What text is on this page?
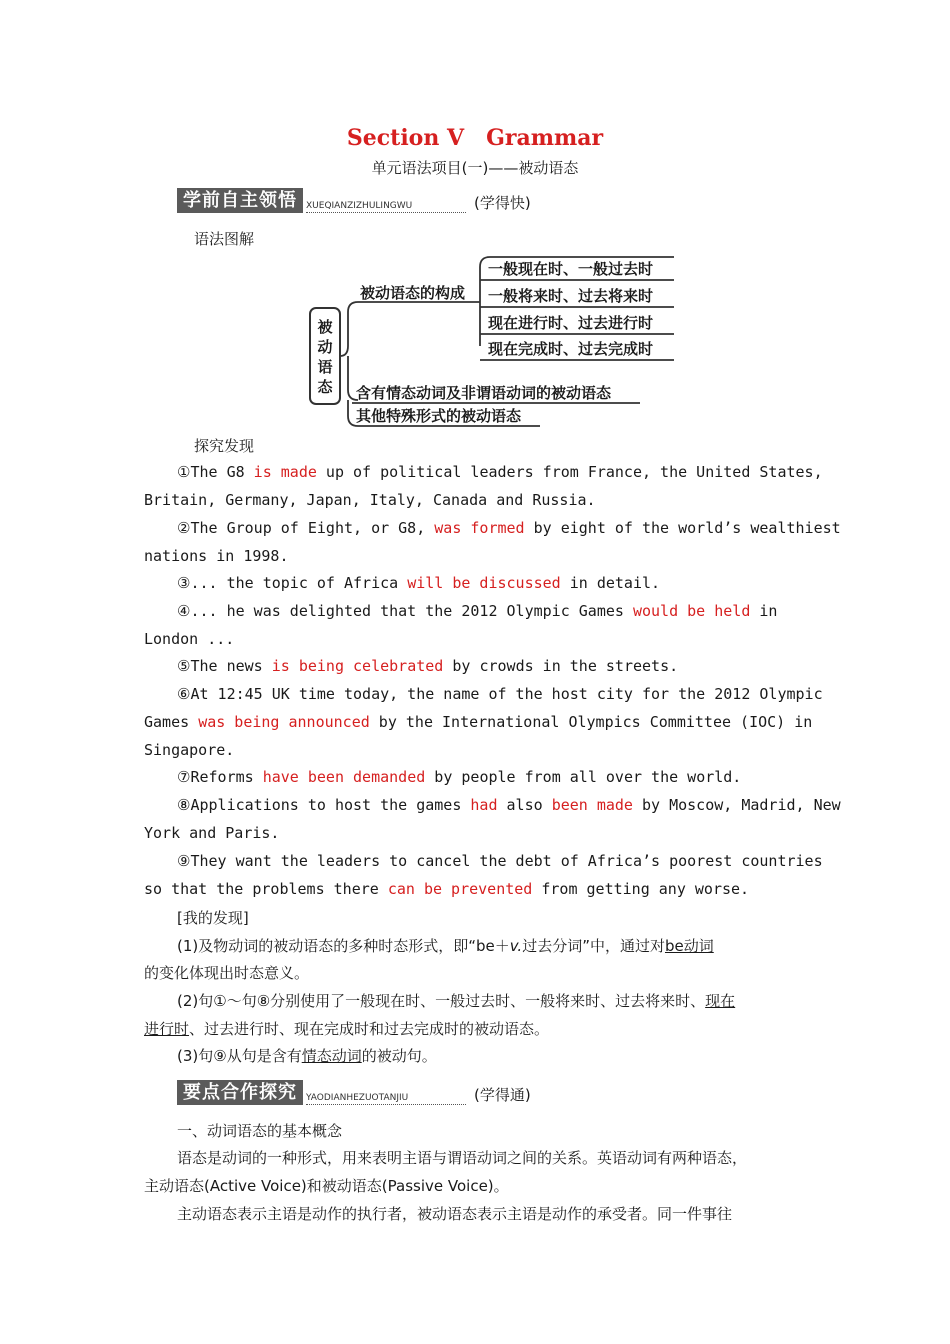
Section Ⅴ　Grammar
单元语法项目(一)——被动语态
学前自主领悟	XUEQIANZIZHULINGWU	(学得快)
语法图解
被
动
语
态
被动语态的构成
一般现在时、一般过去时
一般将来时、过去将来时
现在进行时、过去进行时
现在完成时、过去完成时
含有情态动词及非谓语动词的被动语态
其他特殊形式的被动语态
探究发现
①The G8 is made up of political leaders from France, the United States,
Britain, Germany, Japan, Italy, Canada and Russia.
②The Group of Eight, or G8, was formed by eight of the world’s wealthiest
nations in 1998.
③... the topic of Africa will be discussed in detail.
④... he was delighted that the 2012 Olympic Games would be held in
London ...
⑤The news is being celebrated by crowds in the streets.
⑥At 12:45 UK time today, the name of the host city for the 2012 Olympic
Games was being announced by the International Olympics Committee (IOC) in
Singapore.
⑦Reforms have been demanded by people from all over the world.
⑧Applications to host the games had also been made by Moscow, Madrid, New
York and Paris.
⑨They want the leaders to cancel the debt of Africa’s poorest countries
so that the problems there can be prevented from getting any worse.
[我的发现]
(1)及物动词的被动语态的多种时态形式，即“be＋v.过去分词”中，通过对be动词
的变化体现出时态意义。
(2)句①～句⑧分别使用了一般现在时、一般过去时、一般将来时、过去将来时、现在
进行时、过去进行时、现在完成时和过去完成时的被动语态。
(3)句⑨从句是含有情态动词的被动句。
要点合作探究	YAODIANHEZUOTANJIU	(学得通)
一、动词语态的基本概念
语态是动词的一种形式，用来表明主语与谓语动词之间的关系。英语动词有两种语态，
主动语态(Active Voice)和被动语态(Passive Voice)。
主动语态表示主语是动作的执行者，被动语态表示主语是动作的承受者。同一件事往
